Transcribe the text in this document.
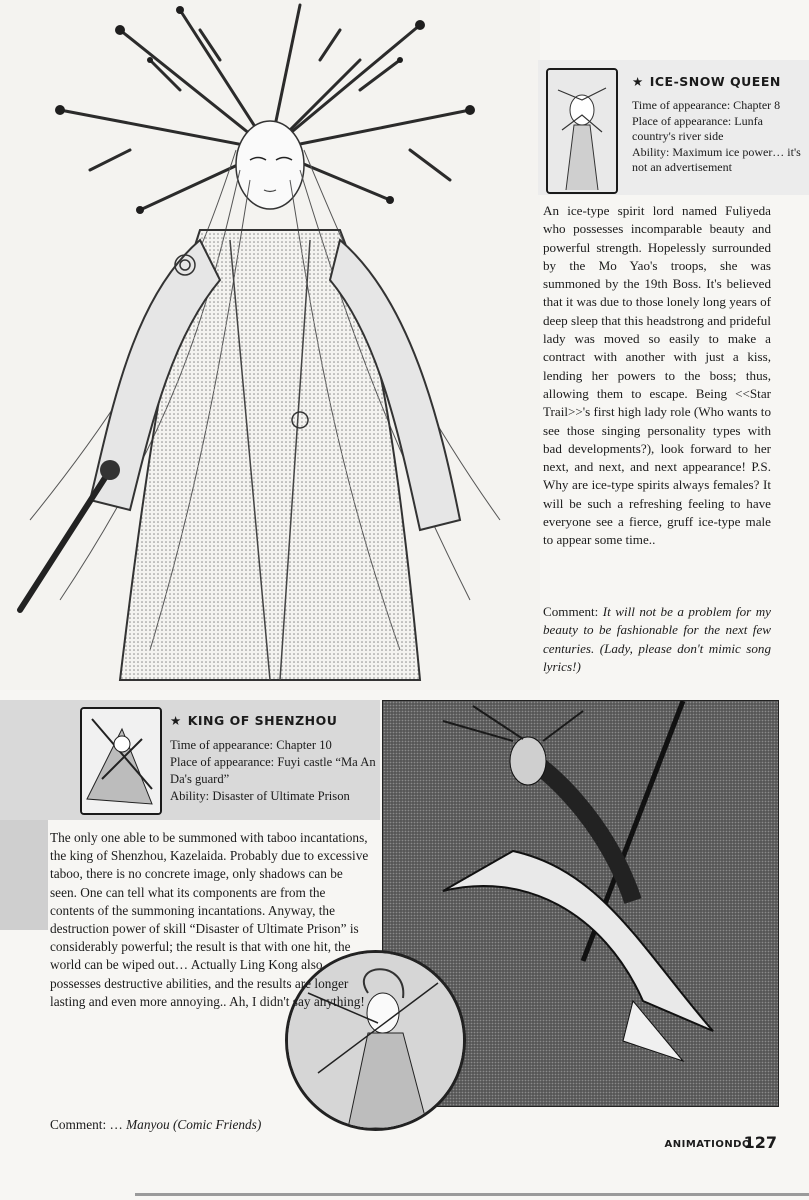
★ ICE-SNOW QUEEN
Time of appearance: Chapter 8
Place of appearance: Lunfa country's river side
Ability: Maximum ice power… it's not an advertisement

An ice-type spirit lord named Fuliyeda who possesses incomparable beauty and powerful strength. Hopelessly surrounded by the Mo Yao's troops, she was summoned by the 19th Boss. It's believed that it was due to those lonely long years of deep sleep that this headstrong and prideful lady was moved so easily to make a contract with another with just a kiss, lending her powers to the boss; thus, allowing them to escape. Being <<Star Trail>>'s first high lady role (Who wants to see those singing personality types with bad developments?), look forward to her next, and next, and next appearance! P.S. Why are ice-type spirits always females? It will be such a refreshing feeling to have everyone see a fierce, gruff ice-type male to appear some time..

Comment: It will not be a problem for my beauty to be fashionable for the next few centuries. (Lady, please don't mimic song lyrics!)

★ KING OF SHENZHOU
Time of appearance: Chapter 10
Place of appearance: Fuyi castle “Ma An Da's guard”
Ability: Disaster of Ultimate Prison

The only one able to be summoned with taboo incantations, the king of Shenzhou, Kazelaida. Probably due to excessive taboo, there is no concrete image, only shadows can be seen. One can tell what its components are from the contents of the summoning incantations. Anyway, the destruction power of skill “Disaster of Ultimate Prison” is considerably powerful; the result is that with one hit, the world can be wiped out… Actually Ling Kong also possesses destructive abilities, and the results are longer lasting and even more annoying.. Ah, I didn't say anything!

Comment: … Manyou (Comic Friends)

ANIMATIONDO
127
